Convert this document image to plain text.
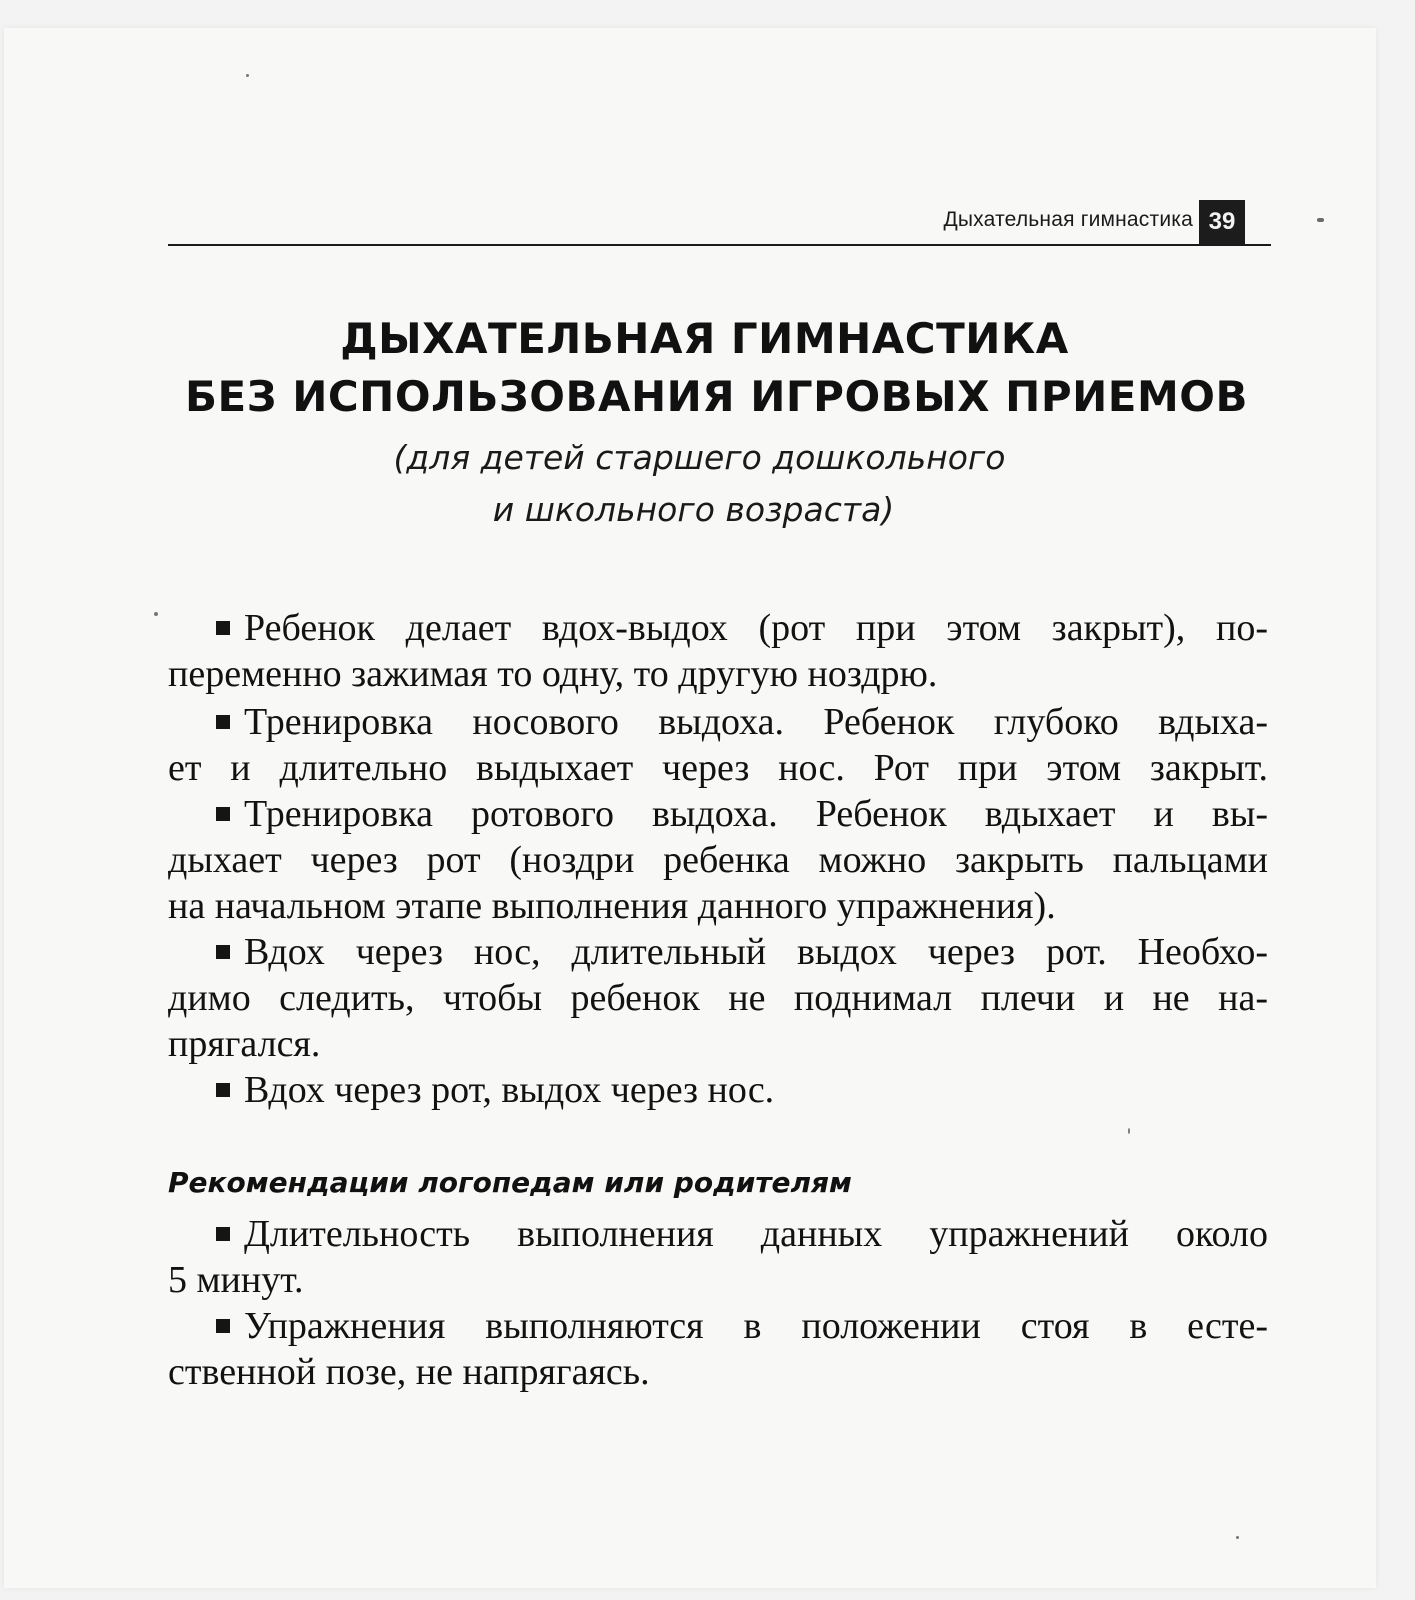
Дыхательная гимнастика 39
ДЫХАТЕЛЬНАЯ ГИМНАСТИКА
БЕЗ ИСПОЛЬЗОВАНИЯ ИГРОВЫХ ПРИЕМОВ
(для детей старшего дошкольного
и школьного возраста)
Ребенок делает вдох-выдох (рот при этом закрыт), по-
переменно зажимая то одну, то другую ноздрю.
Тренировка носового выдоха. Ребенок глубоко вдыха-
ет и длительно выдыхает через нос. Рот при этом закрыт.
Тренировка ротового выдоха. Ребенок вдыхает и вы-
дыхает через рот (ноздри ребенка можно закрыть пальцами
на начальном этапе выполнения данного упражнения).
Вдох через нос, длительный выдох через рот. Необхо-
димо следить, чтобы ребенок не поднимал плечи и не на-
прягался.
Вдох через рот, выдох через нос.
Рекомендации логопедам или родителям
Длительность выполнения данных упражнений около
5 минут.
Упражнения выполняются в положении стоя в есте-
ственной позе, не напрягаясь.
